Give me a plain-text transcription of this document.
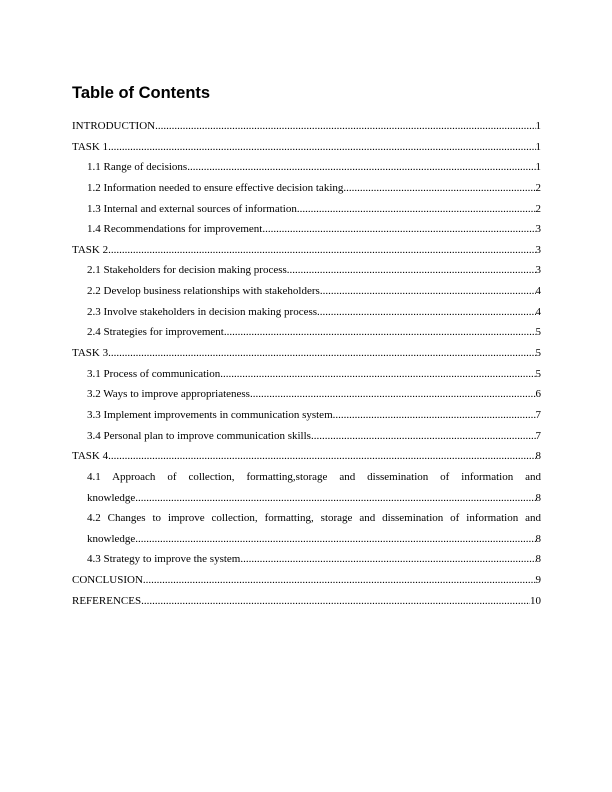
Table of Contents
INTRODUCTION .....	1
TASK 1 .....	1
1.1 Range of decisions .....	1
1.2 Information needed to ensure effective decision taking .....	2
1.3 Internal and external sources of information .....	2
1.4 Recommendations for improvement .....	3
TASK 2 .....	3
2.1 Stakeholders for decision making process .....	3
2.2 Develop business relationships with stakeholders .....	4
2.3 Involve stakeholders in decision making process .....	4
2.4 Strategies for improvement .....	5
TASK 3 .....	5
3.1 Process of communication .....	5
3.2 Ways to improve appropriateness .....	6
3.3 Implement improvements in communication system .....	7
3.4 Personal plan to improve communication skills .....	7
TASK 4 .....	8
4.1 Approach of collection, formatting,storage and dissemination of information and
knowledge .....	8
4.2 Changes to improve collection, formatting, storage and dissemination of information and
knowledge .....	8
4.3 Strategy to improve the system .....	8
CONCLUSION .....	9
REFERENCES .....	10
